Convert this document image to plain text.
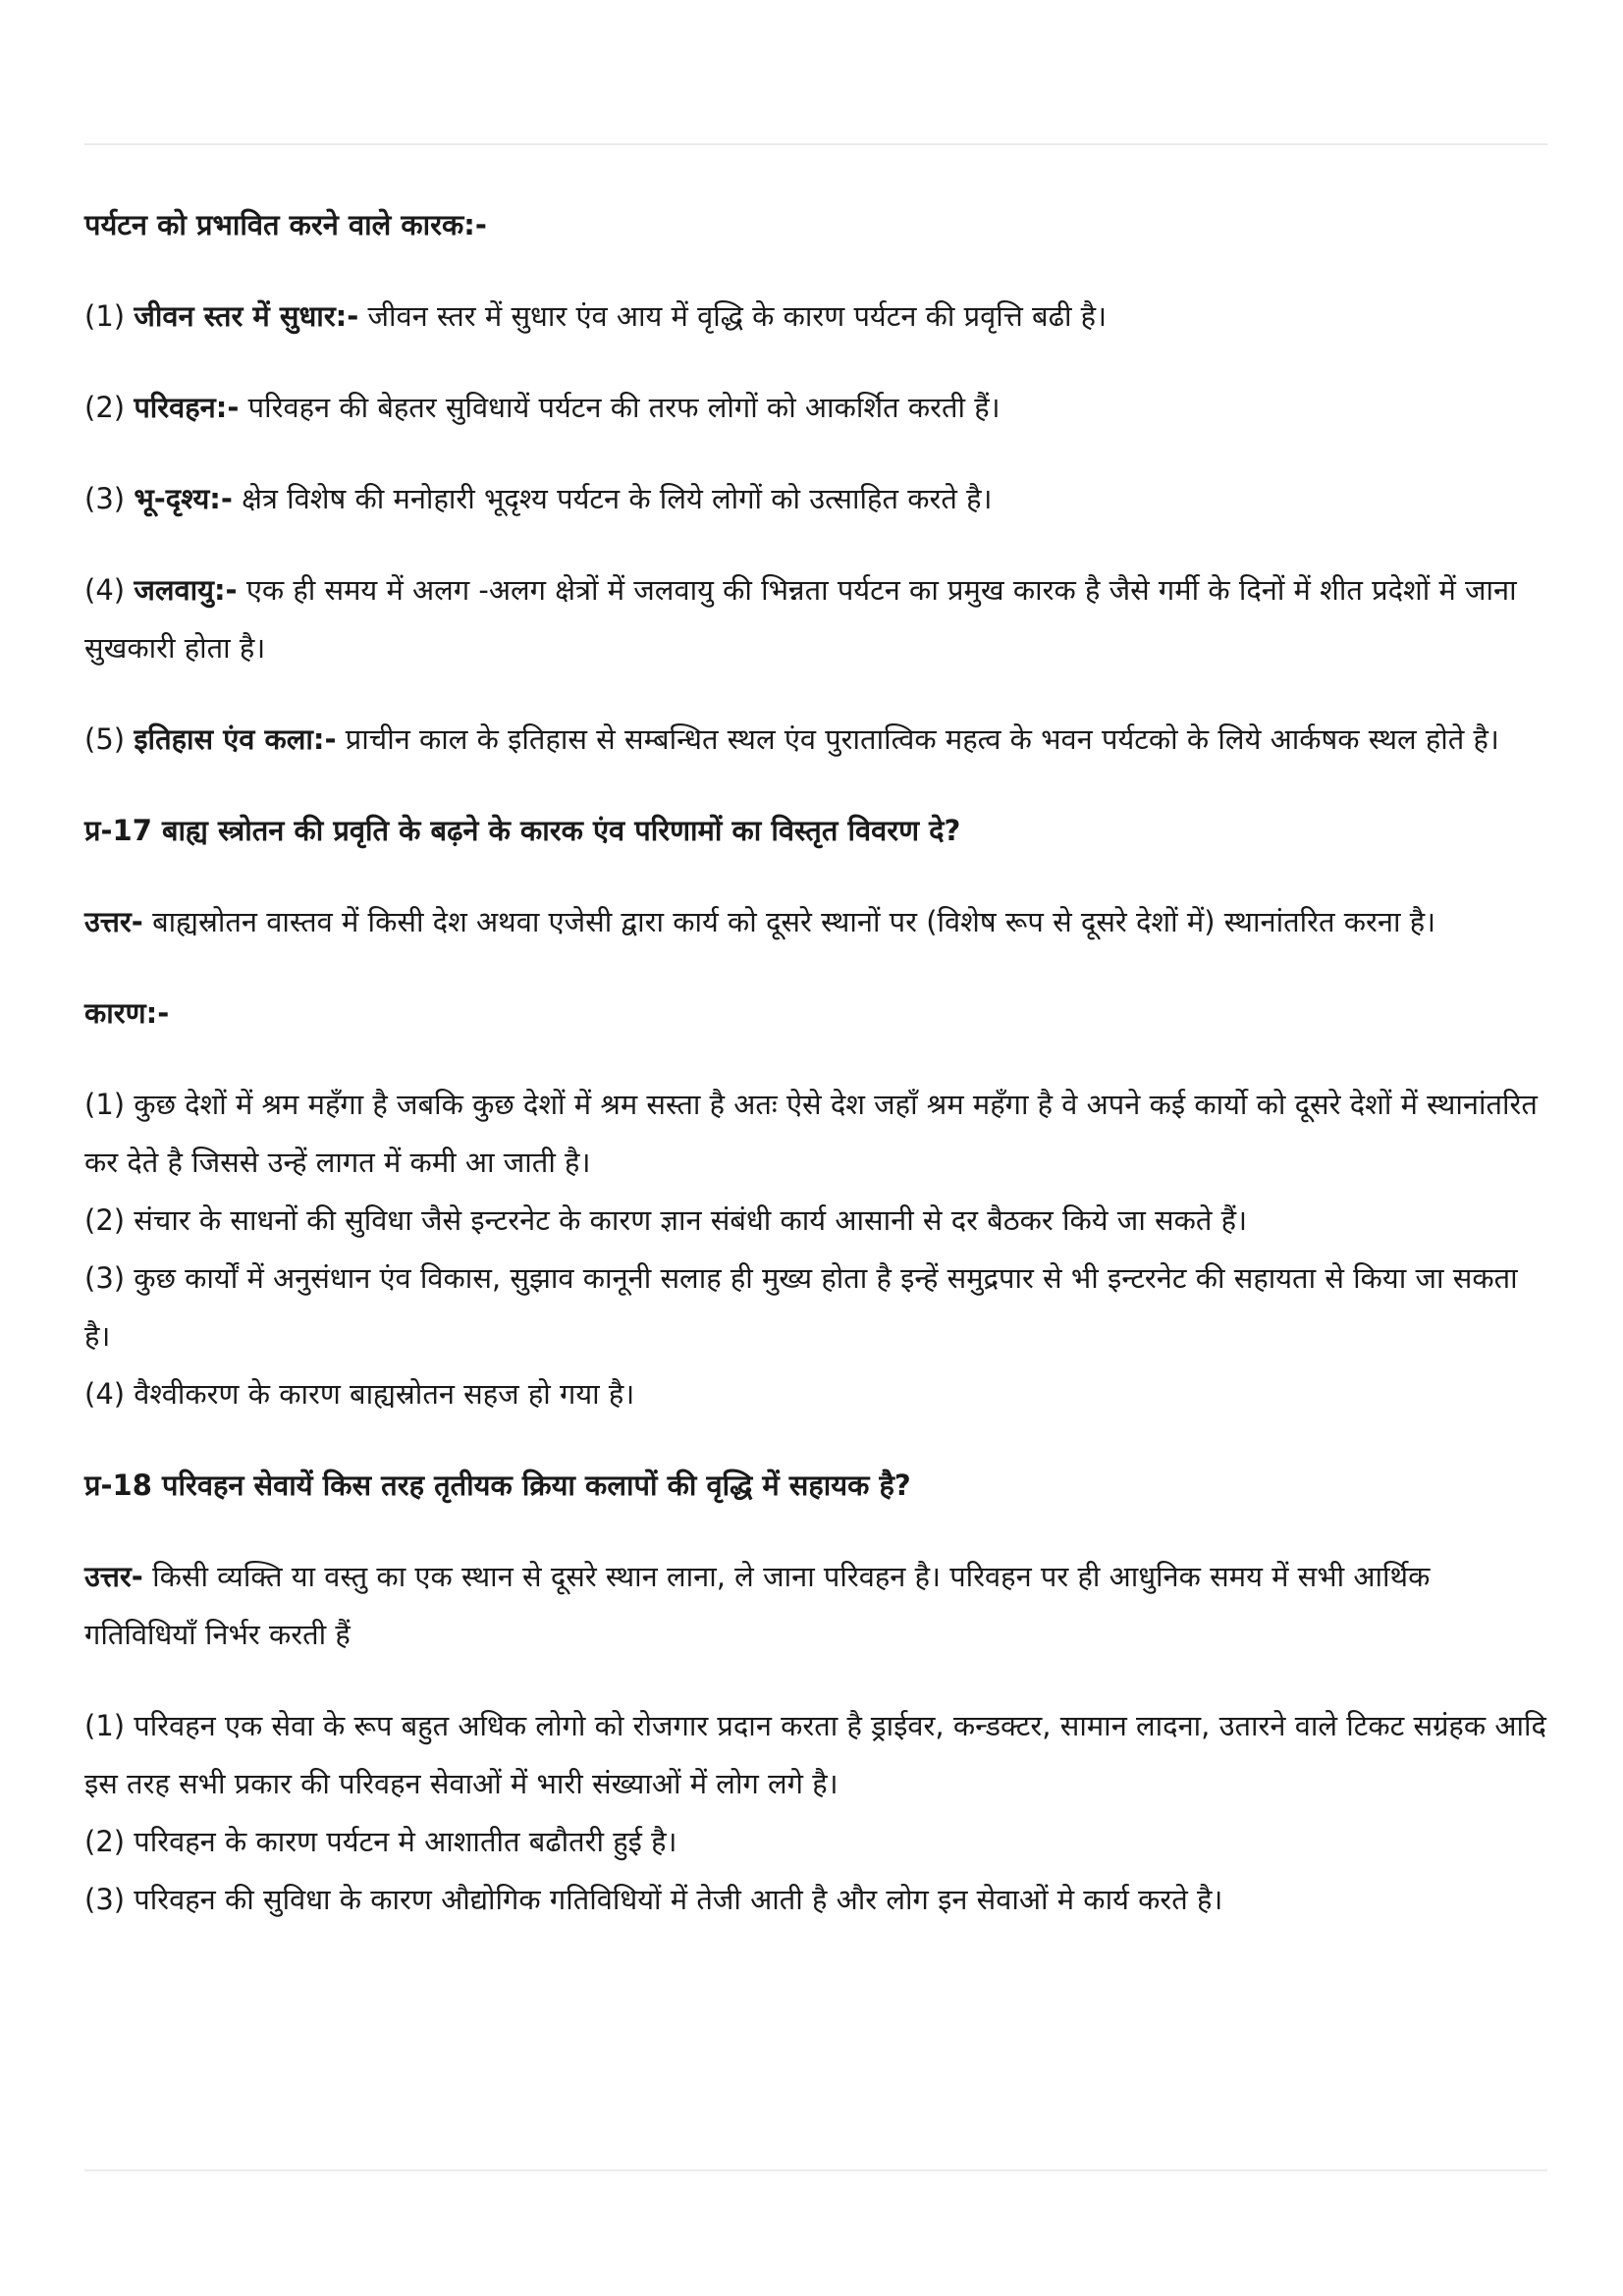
पर्यटन को प्रभावित करने वाले कारक:-

(1) जीवन स्तर में सुधार:- जीवन स्तर में सुधार एंव आय में वृद्धि के कारण पर्यटन की प्रवृत्ति बढी है।

(2) परिवहन:- परिवहन की बेहतर सुविधायें पर्यटन की तरफ लोगों को आकर्शित करती हैं।

(3) भू-दृश्य:- क्षेत्र विशेष की मनोहारी भूदृश्य पर्यटन के लिये लोगों को उत्साहित करते है।

(4) जलवायु:- एक ही समय में अलग -अलग क्षेत्रों में जलवायु की भिन्नता पर्यटन का प्रमुख कारक है जैसे गर्मी के दिनों में शीत प्रदेशों में जाना सुखकारी होता है।

(5) इतिहास एंव कला:- प्राचीन काल के इतिहास से सम्बन्धित स्थल एंव पुरातात्विक महत्व के भवन पर्यटको के लिये आर्कषक स्थल होते है।

प्र-17 बाह्य स्त्रोतन की प्रवृति के बढ़ने के कारक एंव परिणामों का विस्तृत विवरण दे?

उत्तर- बाह्यस्रोतन वास्तव में किसी देश अथवा एजेसी द्वारा कार्य को दूसरे स्थानों पर (विशेष रूप से दूसरे देशों में) स्थानांतरित करना है।

कारण:-

(1) कुछ देशों में श्रम महँगा है जबकि कुछ देशों में श्रम सस्ता है अतः ऐसे देश जहाँ श्रम महँगा है वे अपने कई कार्यो को दूसरे देशों में स्थानांतरित कर देते है जिससे उन्हें लागत में कमी आ जाती है।

(2) संचार के साधनों की सुविधा जैसे इन्टरनेट के कारण ज्ञान संबंधी कार्य आसानी से दर बैठकर किये जा सकते हैं।

(3) कुछ कार्यों में अनुसंधान एंव विकास, सुझाव कानूनी सलाह ही मुख्य होता है इन्हें समुद्रपार से भी इन्टरनेट की सहायता से किया जा सकता है।

(4) वैश्वीकरण के कारण बाह्यस्रोतन सहज हो गया है।

प्र-18 परिवहन सेवायें किस तरह तृतीयक क्रिया कलापों की वृद्धि में सहायक है?

उत्तर- किसी व्यक्ति या वस्तु का एक स्थान से दूसरे स्थान लाना, ले जाना परिवहन है। परिवहन पर ही आधुनिक समय में सभी आर्थिक गतिविधियाँ निर्भर करती हैं

(1) परिवहन एक सेवा के रूप बहुत अधिक लोगो को रोजगार प्रदान करता है ड्राईवर, कन्डक्टर, सामान लादना, उतारने वाले टिकट सग्रंहक आदि इस तरह सभी प्रकार की परिवहन सेवाओं में भारी संख्याओं में लोग लगे है।

(2) परिवहन के कारण पर्यटन मे आशातीत बढौतरी हुई है।

(3) परिवहन की सुविधा के कारण औद्योगिक गतिविधियों में तेजी आती है और लोग इन सेवाओं मे कार्य करते है।
